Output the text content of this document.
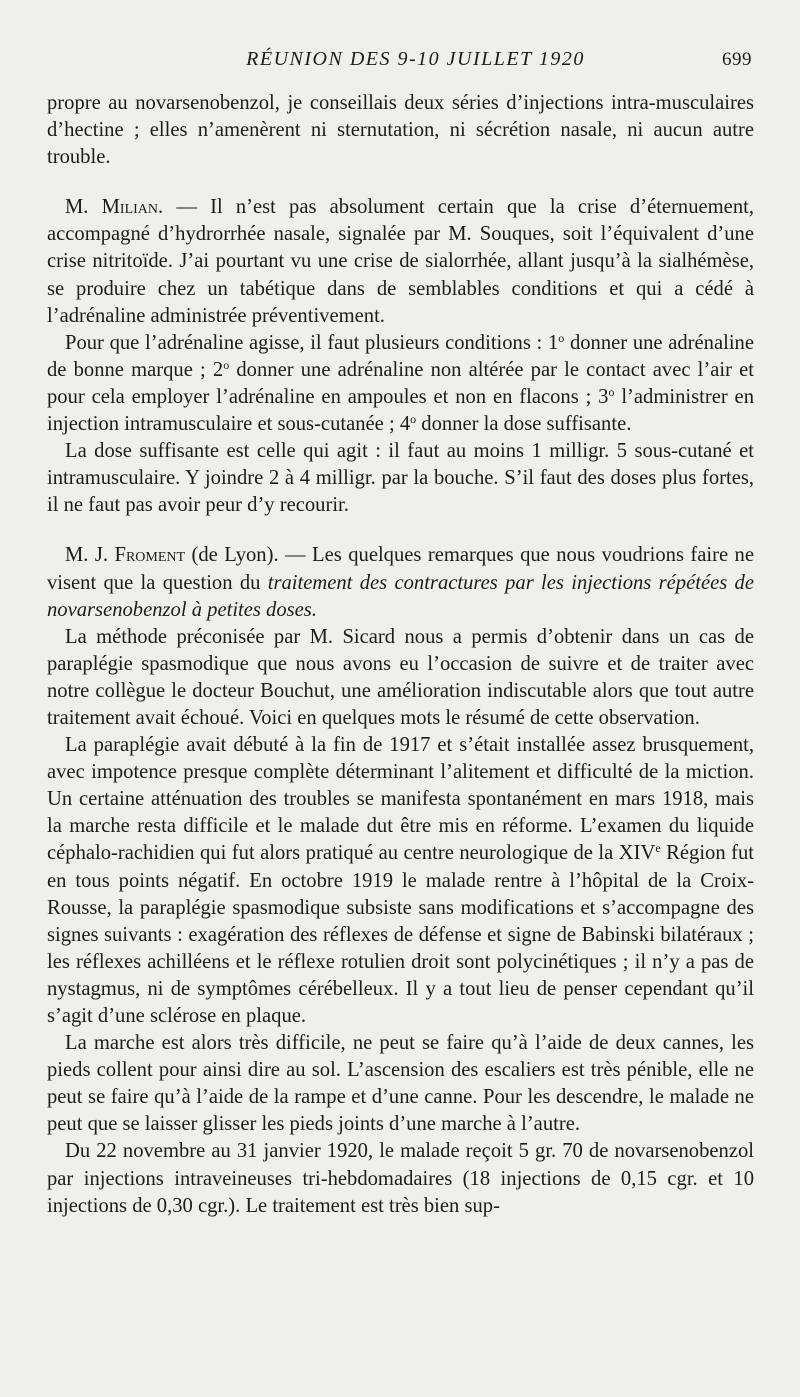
RÉUNION DES 9-10 JUILLET 1920	699

propre au novarsenobenzol, je conseillais deux séries d’injections intra-musculaires d’hectine ; elles n’amenèrent ni sternutation, ni sécrétion nasale, ni aucun autre trouble.

M. Milian. — Il n’est pas absolument certain que la crise d’éternuement, accompagné d’hydrorrhée nasale, signalée par M. Souques, soit l’équivalent d’une crise nitritoïde. J’ai pourtant vu une crise de sialorrhée, allant jusqu’à la sialhémèse, se produire chez un tabétique dans de semblables conditions et qui a cédé à l’adrénaline administrée préventivement.

Pour que l’adrénaline agisse, il faut plusieurs conditions : 1$^o$ donner une adrénaline de bonne marque ; 2$^o$ donner une adrénaline non altérée par le contact avec l’air et pour cela employer l’adrénaline en ampoules et non en flacons ; 3$^o$ l’administrer en injection intramusculaire et sous-cutanée ; 4$^o$ donner la dose suffisante.

La dose suffisante est celle qui agit : il faut au moins 1 milligr. 5 sous-cutané et intramusculaire. Y joindre 2 à 4 milligr. par la bouche. S’il faut des doses plus fortes, il ne faut pas avoir peur d’y recourir.

M. J. Froment (de Lyon). — Les quelques remarques que nous voudrions faire ne visent que la question du traitement des contractures par les injections répétées de novarsenobenzol à petites doses.

La méthode préconisée par M. Sicard nous a permis d’obtenir dans un cas de paraplégie spasmodique que nous avons eu l’occasion de suivre et de traiter avec notre collègue le docteur Bouchut, une amélioration indiscutable alors que tout autre traitement avait échoué. Voici en quelques mots le résumé de cette observation.

La paraplégie avait débuté à la fin de 1917 et s’était installée assez brusquement, avec impotence presque complète déterminant l’alitement et difficulté de la miction. Un certaine atténuation des troubles se manifesta spontanément en mars 1918, mais la marche resta difficile et le malade dut être mis en réforme. L’examen du liquide céphalo-rachidien qui fut alors pratiqué au centre neurologique de la XIVe Région fut en tous points négatif. En octobre 1919 le malade rentre à l’hôpital de la Croix-Rousse, la paraplégie spasmodique subsiste sans modifications et s’accompagne des signes suivants : exagération des réflexes de défense et signe de Babinski bilatéraux ; les réflexes achilléens et le réflexe rotulien droit sont polycinétiques ; il n’y a pas de nystagmus, ni de symptômes cérébelleux. Il y a tout lieu de penser cependant qu’il s’agit d’une sclérose en plaque.

La marche est alors très difficile, ne peut se faire qu’à l’aide de deux cannes, les pieds collent pour ainsi dire au sol. L’ascension des escaliers est très pénible, elle ne peut se faire qu’à l’aide de la rampe et d’une canne. Pour les descendre, le malade ne peut que se laisser glisser les pieds joints d’une marche à l’autre.

Du 22 novembre au 31 janvier 1920, le malade reçoit 5 gr. 70 de novarsenobenzol par injections intraveineuses tri-hebdomadaires (18 injections de 0,15 cgr. et 10 injections de 0,30 cgr.). Le traitement est très bien sup-
